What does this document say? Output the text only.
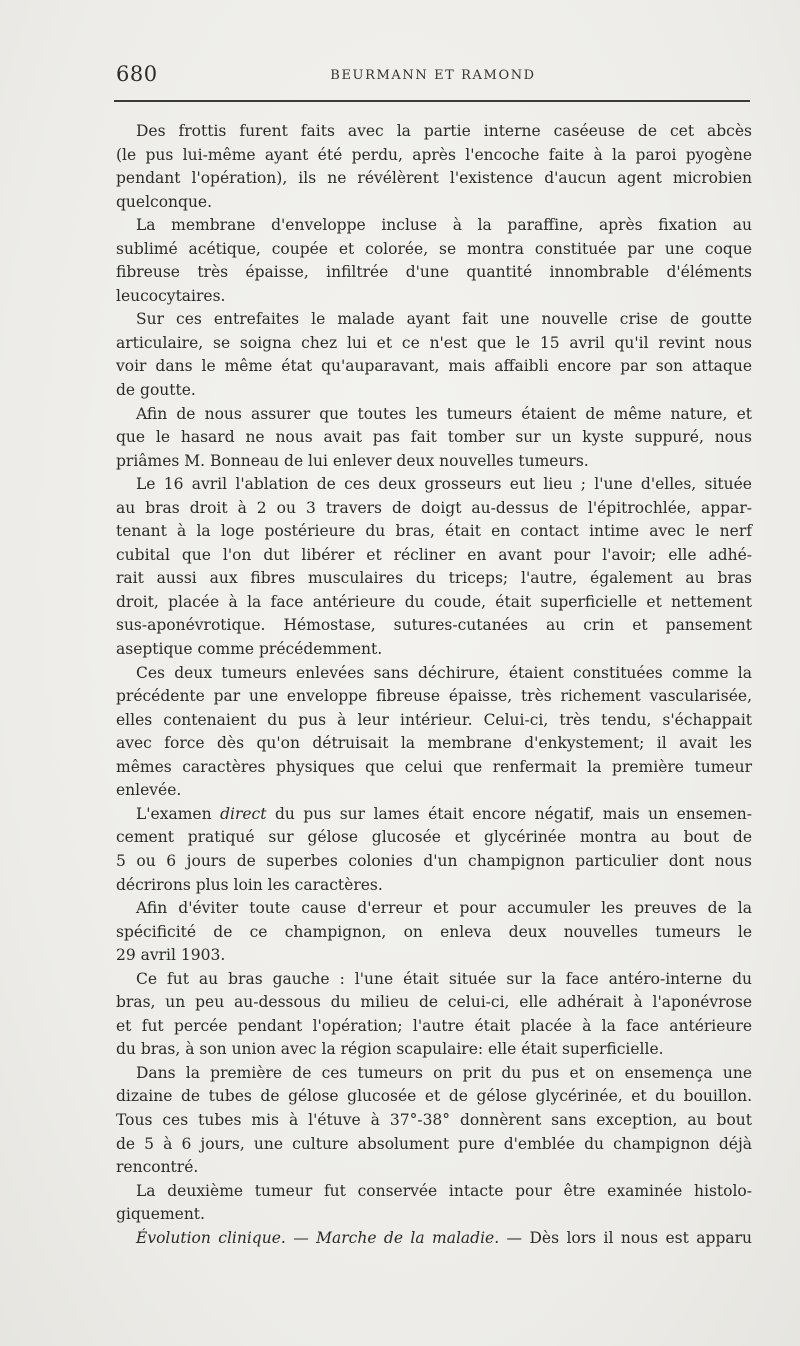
680	BEURMANN ET RAMOND
Des frottis furent faits avec la partie interne caséeuse de cet abcès
(le pus lui-même ayant été perdu, après l'encoche faite à la paroi pyogène
pendant l'opération), ils ne révélèrent l'existence d'aucun agent microbien
quelconque.
La membrane d'enveloppe incluse à la paraffine, après fixation au
sublimé acétique, coupée et colorée, se montra constituée par une coque
fibreuse très épaisse, infiltrée d'une quantité innombrable d'éléments
leucocytaires.
Sur ces entrefaites le malade ayant fait une nouvelle crise de goutte
articulaire, se soigna chez lui et ce n'est que le 15 avril qu'il revint nous
voir dans le même état qu'auparavant, mais affaibli encore par son attaque
de goutte.
Afin de nous assurer que toutes les tumeurs étaient de même nature, et
que le hasard ne nous avait pas fait tomber sur un kyste suppuré, nous
priâmes M. Bonneau de lui enlever deux nouvelles tumeurs.
Le 16 avril l'ablation de ces deux grosseurs eut lieu ; l'une d'elles, située
au bras droit à 2 ou 3 travers de doigt au-dessus de l'épitrochlée, appar-
tenant à la loge postérieure du bras, était en contact intime avec le nerf
cubital que l'on dut libérer et récliner en avant pour l'avoir; elle adhé-
rait aussi aux fibres musculaires du triceps; l'autre, également au bras
droit, placée à la face antérieure du coude, était superficielle et nettement
sus-aponévrotique. Hémostase, sutures-cutanées au crin et pansement
aseptique comme précédemment.
Ces deux tumeurs enlevées sans déchirure, étaient constituées comme la
précédente par une enveloppe fibreuse épaisse, très richement vascularisée,
elles contenaient du pus à leur intérieur. Celui-ci, très tendu, s'échappait
avec force dès qu'on détruisait la membrane d'enkystement; il avait les
mêmes caractères physiques que celui que renfermait la première tumeur
enlevée.
L'examen direct du pus sur lames était encore négatif, mais un ensemen-
cement pratiqué sur gélose glucosée et glycérinée montra au bout de
5 ou 6 jours de superbes colonies d'un champignon particulier dont nous
décrirons plus loin les caractères.
Afin d'éviter toute cause d'erreur et pour accumuler les preuves de la
spécificité de ce champignon, on enleva deux nouvelles tumeurs le
29 avril 1903.
Ce fut au bras gauche : l'une était située sur la face antéro-interne du
bras, un peu au-dessous du milieu de celui-ci, elle adhérait à l'aponévrose
et fut percée pendant l'opération; l'autre était placée à la face antérieure
du bras, à son union avec la région scapulaire: elle était superficielle.
Dans la première de ces tumeurs on prit du pus et on ensemença une
dizaine de tubes de gélose glucosée et de gélose glycérinée, et du bouillon.
Tous ces tubes mis à l'étuve à 37°-38° donnèrent sans exception, au bout
de 5 à 6 jours, une culture absolument pure d'emblée du champignon déjà
rencontré.
La deuxième tumeur fut conservée intacte pour être examinée histolo-
giquement.
Évolution clinique. — Marche de la maladie. — Dès lors il nous est apparu
